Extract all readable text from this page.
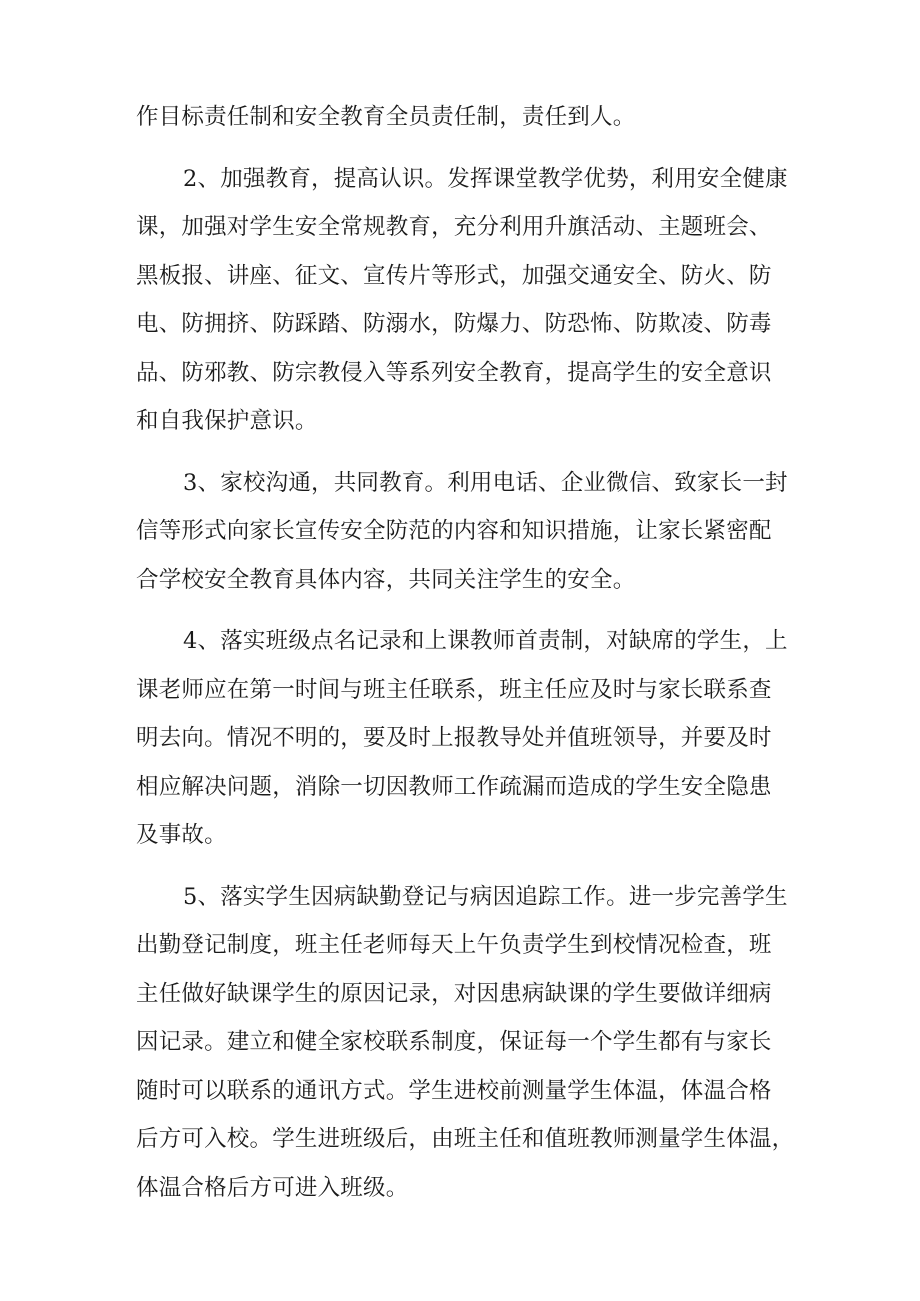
作目标责任制和安全教育全员责任制，责任到人。
2、加强教育，提高认识。发挥课堂教学优势，利用安全健康
课，加强对学生安全常规教育，充分利用升旗活动、主题班会、
黑板报、讲座、征文、宣传片等形式，加强交通安全、防火、防
电、防拥挤、防踩踏、防溺水，防爆力、防恐怖、防欺凌、防毒
品、防邪教、防宗教侵入等系列安全教育，提高学生的安全意识
和自我保护意识。
3、家校沟通，共同教育。利用电话、企业微信、致家长一封
信等形式向家长宣传安全防范的内容和知识措施，让家长紧密配
合学校安全教育具体内容，共同关注学生的安全。
4、落实班级点名记录和上课教师首责制，对缺席的学生，上
课老师应在第一时间与班主任联系，班主任应及时与家长联系查
明去向。情况不明的，要及时上报教导处并值班领导，并要及时
相应解决问题，消除一切因教师工作疏漏而造成的学生安全隐患
及事故。
5、落实学生因病缺勤登记与病因追踪工作。进一步完善学生
出勤登记制度，班主任老师每天上午负责学生到校情况检查，班
主任做好缺课学生的原因记录，对因患病缺课的学生要做详细病
因记录。建立和健全家校联系制度，保证每一个学生都有与家长
随时可以联系的通讯方式。学生进校前测量学生体温，体温合格
后方可入校。学生进班级后，由班主任和值班教师测量学生体温，
体温合格后方可进入班级。
